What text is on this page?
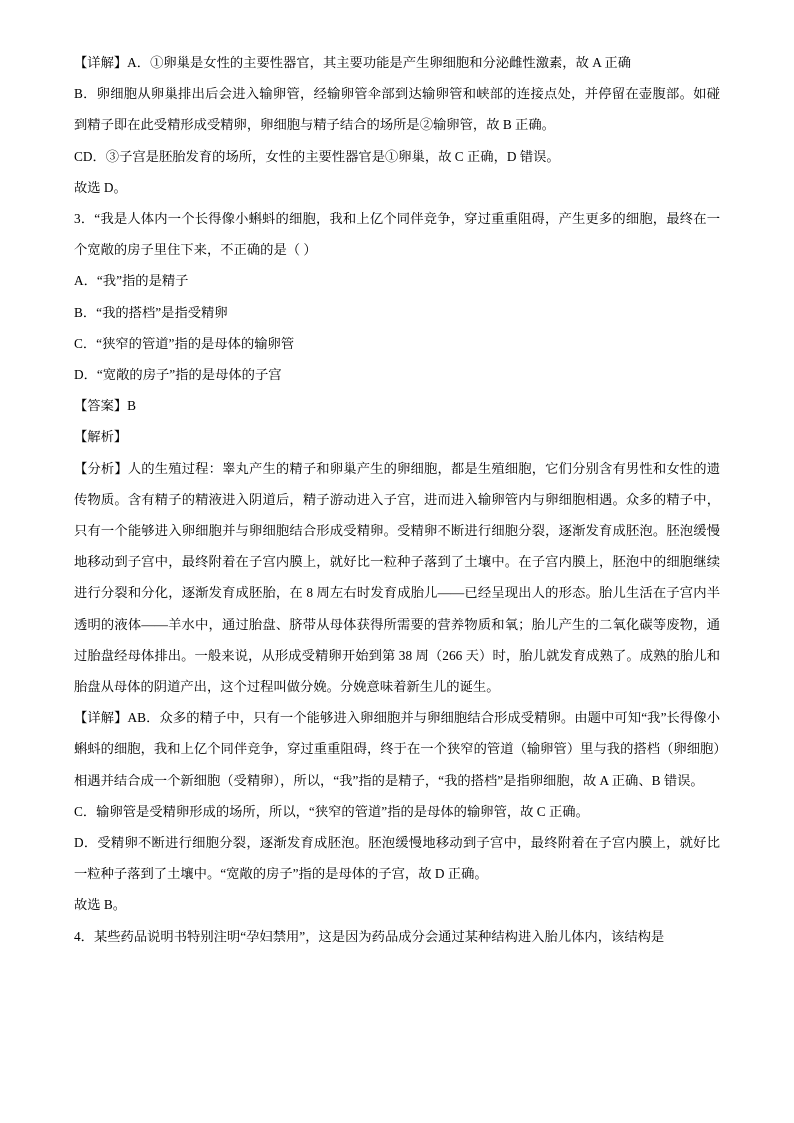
【详解】A．①卵巢是女性的主要性器官，其主要功能是产生卵细胞和分泌雌性激素，故 A 正确

B．卵细胞从卵巢排出后会进入输卵管，经输卵管伞部到达输卵管和峡部的连接点处，并停留在壶腹部。如碰到精子即在此受精形成受精卵，卵细胞与精子结合的场所是②输卵管，故 B 正确。

CD．③子宫是胚胎发育的场所，女性的主要性器官是①卵巢，故 C 正确，D 错误。

故选 D。

3．“我是人体内一个长得像小蝌蚪的细胞，我和上亿个同伴竞争，穿过重重阻碍，产生更多的细胞，最终在一个宽敞的房子里住下来，不正确的是（ ）

A．“我”指的是精子

B．“我的搭档”是指受精卵

C．“狭窄的管道”指的是母体的输卵管

D．“宽敞的房子”指的是母体的子宫

【答案】B

【解析】

【分析】人的生殖过程：睾丸产生的精子和卵巢产生的卵细胞，都是生殖细胞，它们分别含有男性和女性的遗传物质。含有精子的精液进入阴道后，精子游动进入子宫，进而进入输卵管内与卵细胞相遇。众多的精子中，只有一个能够进入卵细胞并与卵细胞结合形成受精卵。受精卵不断进行细胞分裂，逐渐发育成胚泡。胚泡缓慢地移动到子宫中，最终附着在子宫内膜上，就好比一粒种子落到了土壤中。在子宫内膜上，胚泡中的细胞继续进行分裂和分化，逐渐发育成胚胎，在 8 周左右时发育成胎儿——已经呈现出人的形态。胎儿生活在子宫内半透明的液体——羊水中，通过胎盘、脐带从母体获得所需要的营养物质和氧；胎儿产生的二氧化碳等废物，通过胎盘经母体排出。一般来说，从形成受精卵开始到第 38 周（266 天）时，胎儿就发育成熟了。成熟的胎儿和胎盘从母体的阴道产出，这个过程叫做分娩。分娩意味着新生儿的诞生。

【详解】AB．众多的精子中，只有一个能够进入卵细胞并与卵细胞结合形成受精卵。由题中可知“我”长得像小蝌蚪的细胞，我和上亿个同伴竞争，穿过重重阻碍，终于在一个狭窄的管道（输卵管）里与我的搭档（卵细胞）相遇并结合成一个新细胞（受精卵），所以，“我”指的是精子，“我的搭档”是指卵细胞，故 A 正确、B 错误。

C．输卵管是受精卵形成的场所，所以，“狭窄的管道”指的是母体的输卵管，故 C 正确。

D．受精卵不断进行细胞分裂，逐渐发育成胚泡。胚泡缓慢地移动到子宫中，最终附着在子宫内膜上，就好比一粒种子落到了土壤中。“宽敞的房子”指的是母体的子宫，故 D 正确。

故选 B。

4．某些药品说明书特别注明“孕妇禁用”，这是因为药品成分会通过某种结构进入胎儿体内，该结构是
